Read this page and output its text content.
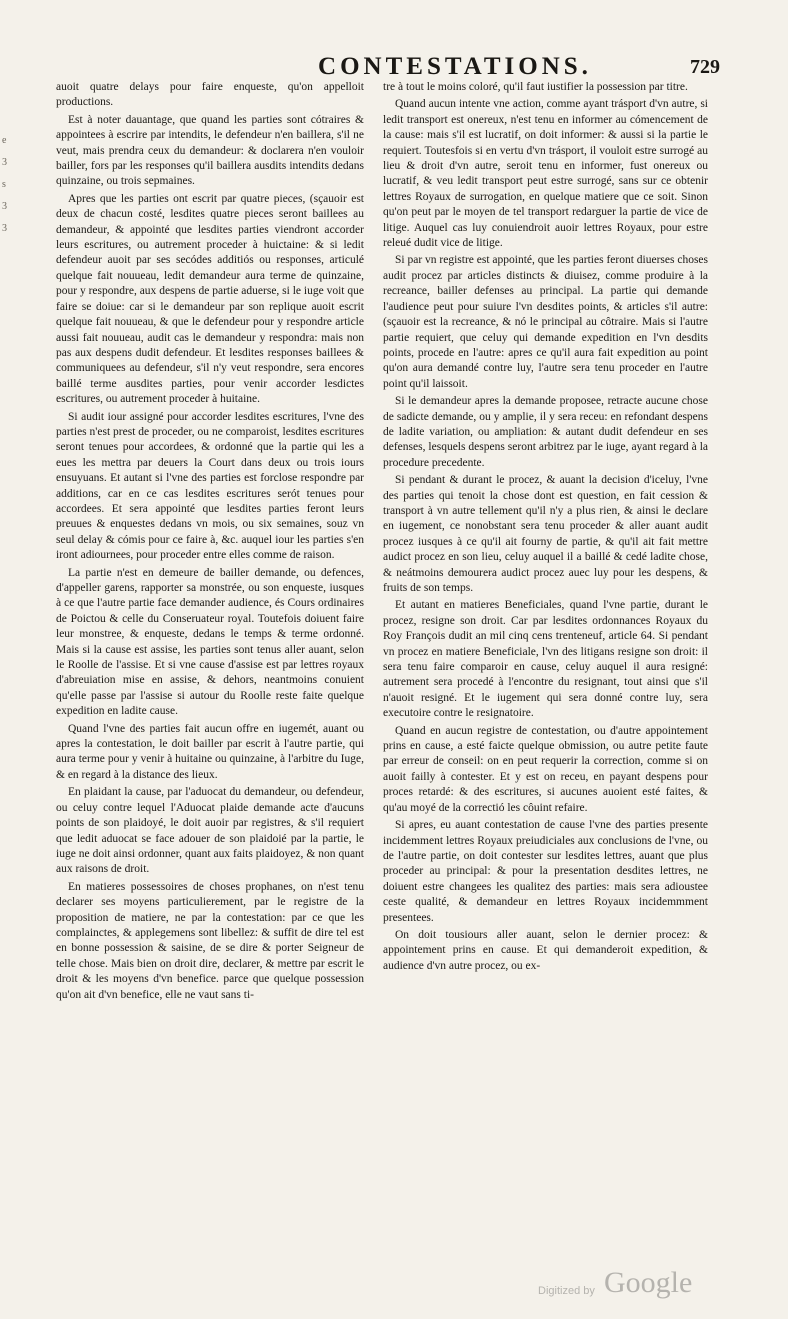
e
3
s
3
3
CONTESTATIONS.	729

auoit quatre delays pour faire enqueste, qu'on appelloit productions.

Est à noter dauantage, que quand les parties sont cótraires & appointees à escrire par intendits, le defendeur n'en baillera, s'il ne veut, mais prendra ceux du demandeur: & doclarera n'en vouloir bailler, fors par les responses qu'il baillera ausdits intendits dedans quinzaine, ou trois sepmaines.

Apres que les parties ont escrit par quatre pieces, (sçauoir est deux de chacun costé, lesdites quatre pieces seront baillees au demandeur, & appointé que lesdites parties viendront accorder leurs escritures, ou autrement proceder à huictaine: & si ledit defendeur auoit par ses secódes additiós ou responses, articulé quelque fait nouueau, ledit demandeur aura terme de quinzaine, pour y respondre, aux despens de partie aduerse, si le iuge voit que faire se doiue: car si le demandeur par son replique auoit escrit quelque fait nouueau, & que le defendeur pour y respondre article aussi fait nouueau, audit cas le demandeur y respondra: mais non pas aux despens dudit defendeur. Et lesdites responses baillees & communiquees au defendeur, s'il n'y veut respondre, sera encores baillé terme ausdites parties, pour venir accorder lesdictes escritures, ou autrement proceder à huitaine.

Si audit iour assigné pour accorder lesdites escritures, l'vne des parties n'est prest de proceder, ou ne comparoist, lesdites escritures seront tenues pour accordees, & ordonné que la partie qui les a eues les mettra par deuers la Court dans deux ou trois iours ensuyuans. Et autant si l'vne des parties est forclose respondre par additions, car en ce cas lesdites escritures serót tenues pour accordees. Et sera appointé que lesdites parties feront leurs preuues & enquestes dedans vn mois, ou six semaines, souz vn seul delay & cómis pour ce faire à, &c. auquel iour les parties s'en iront adiournees, pour proceder entre elles comme de raison.

La partie n'est en demeure de bailler demande, ou defences, d'appeller garens, rapporter sa monstrée, ou son enqueste, iusques à ce que l'autre partie face demander audience, és Cours ordinaires de Poictou & celle du Conseruateur royal. Toutefois doiuent faire leur monstree, & enqueste, dedans le temps & terme ordonné. Mais si la cause est assise, les parties sont tenus aller auant, selon le Roolle de l'assise. Et si vne cause d'assise est par lettres royaux d'abreuiation mise en assise, & dehors, neantmoins conuient qu'elle passe par l'assise si autour du Roolle reste faite quelque expedition en ladite cause.

Quand l'vne des parties fait aucun offre en iugemét, auant ou apres la contestation, le doit bailler par escrit à l'autre partie, qui aura terme pour y venir à huitaine ou quinzaine, à l'arbitre du Iuge, & en regard à la distance des lieux.

En plaidant la cause, par l'aduocat du demandeur, ou defendeur, ou celuy contre lequel l'Aduocat plaide demande acte d'aucuns points de son plaidoyé, le doit auoir par registres, & s'il requiert que ledit aduocat se face adouer de son plaidoié par la partie, le iuge ne doit ainsi ordonner, quant aux faits plaidoyez, & non quant aux raisons de droit.

En matieres possessoires de choses prophanes, on n'est tenu declarer ses moyens particulierement, par le registre de la proposition de matiere, ne par la contestation: par ce que les complainctes, & applegemens sont libellez: & suffit de dire tel est en bonne possession & saisine, de se dire & porter Seigneur de telle chose. Mais bien on droit dire, declarer, & mettre par escrit le droit & les moyens d'vn benefice. parce que quelque possession qu'on ait d'vn benefice, elle ne vaut sans ti-

tre à tout le moins coloré, qu'il faut iustifier la possession par titre.

Quand aucun intente vne action, comme ayant trásport d'vn autre, si ledit transport est onereux, n'est tenu en informer au cómencement de la cause: mais s'il est lucratif, on doit informer: & aussi si la partie le requiert. Toutesfois si en vertu d'vn trásport, il vouloit estre surrogé au lieu & droit d'vn autre, seroit tenu en informer, fust onereux ou lucratif, & veu ledit transport peut estre surrogé, sans sur ce obtenir lettres Royaux de surrogation, en quelque matiere que ce soit. Sinon qu'on peut par le moyen de tel transport redarguer la partie de vice de litige. Auquel cas luy conuiendroit auoir lettres Royaux, pour estre releué dudit vice de litige.

Si par vn registre est appointé, que les parties feront diuerses choses audit procez par articles distincts & diuisez, comme produire à la recreance, bailler defenses au principal. La partie qui demande l'audience peut pour suiure l'vn desdites points, & articles s'il autre: (sçauoir est la recreance, & nó le principal au côtraire. Mais si l'autre partie requiert, que celuy qui demande expedition en l'vn desdits points, procede en l'autre: apres ce qu'il aura fait expedition au point qu'on aura demandé contre luy, l'autre sera tenu proceder en l'autre point qu'il laissoit.

Si le demandeur apres la demande proposee, retracte aucune chose de sadicte demande, ou y amplie, il y sera receu: en refondant despens de ladite variation, ou ampliation: & autant dudit defendeur en ses defenses, lesquels despens seront arbitrez par le iuge, ayant regard à la procedure precedente.

Si pendant & durant le procez, & auant la decision d'iceluy, l'vne des parties qui tenoit la chose dont est question, en fait cession & transport à vn autre tellement qu'il n'y a plus rien, & ainsi le declare en iugement, ce nonobstant sera tenu proceder & aller auant audit procez iusques à ce qu'il ait fourny de partie, & qu'il ait fait mettre audict procez en son lieu, celuy auquel il a baillé & cedé ladite chose, & neátmoins demourera audict procez auec luy pour les despens, & fruits de son temps.

Et autant en matieres Beneficiales, quand l'vne partie, durant le procez, resigne son droit. Car par lesdites ordonnances Royaux du Roy François dudit an mil cinq cens trenteneuf, article 64. Si pendant vn procez en matiere Beneficiale, l'vn des litigans resigne son droit: il sera tenu faire comparoir en cause, celuy auquel il aura resigné: autrement sera procedé à l'encontre du resignant, tout ainsi que s'il n'auoit resigné. Et le iugement qui sera donné contre luy, sera executoire contre le resignatoire.

Quand en aucun registre de contestation, ou d'autre appointement prins en cause, a esté faicte quelque obmission, ou autre petite faute par erreur de conseil: on en peut requerir la correction, comme si on auoit failly à contester. Et y est on receu, en payant despens pour proces retardé: & des escritures, si aucunes auoient esté faites, & qu'au moyé de la correctió les côuint refaire.

Si apres, eu auant contestation de cause l'vne des parties presente incidemment lettres Royaux preiudiciales aux conclusions de l'vne, ou de l'autre partie, on doit contester sur lesdites lettres, auant que plus proceder au principal: & pour la presentation desdites lettres, ne doiuent estre changees les qualitez des parties: mais sera adioustee ceste qualité, & demandeur en lettres Royaux incidemmment presentees.

On doit tousiours aller auant, selon le dernier procez: & appointement prins en cause. Et qui demanderoit expedition, & audience d'vn autre procez, ou ex-

Digitized by Google
